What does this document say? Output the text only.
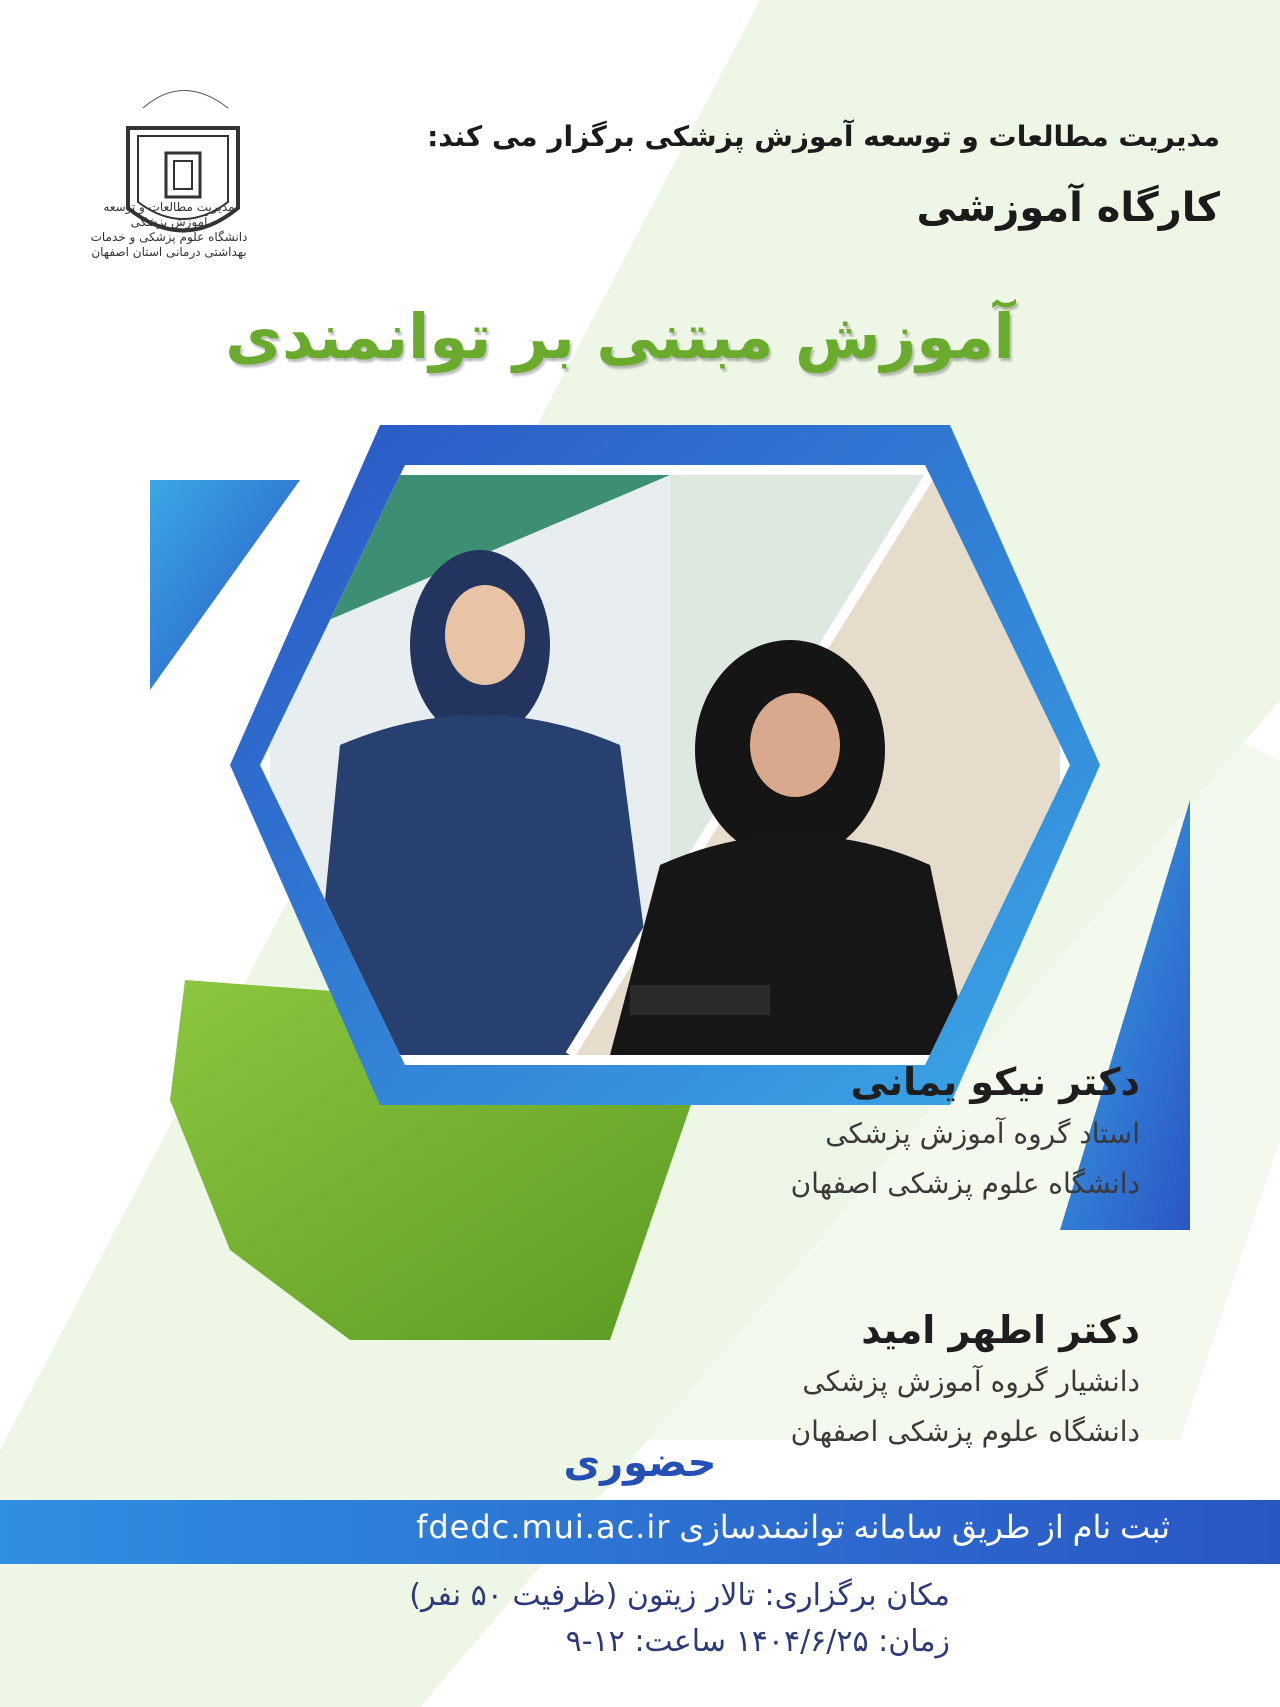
مدیریت مطالعات و توسعه آموزش پزشکی
دانشگاه علوم پزشکی و خدمات بهداشتی درمانی استان اصفهان
مدیریت مطالعات و توسعه آموزش پزشکی برگزار می کند:
کارگاه آموزشی
آموزش مبتنی بر توانمندی
دکتر نیکو یمانی
استاد گروه آموزش پزشکی
دانشگاه علوم پزشکی اصفهان
دکتر اطهر امید
دانشیار گروه آموزش پزشکی
دانشگاه علوم پزشکی اصفهان
حضوری
ثبت نام از طریق سامانه توانمندسازی fdedc.mui.ac.ir
مکان برگزاری: تالار زیتون (ظرفیت ۵۰ نفر)
زمان: ۱۴۰۴/۶/۲۵ ساعت: ۱۲-۹
